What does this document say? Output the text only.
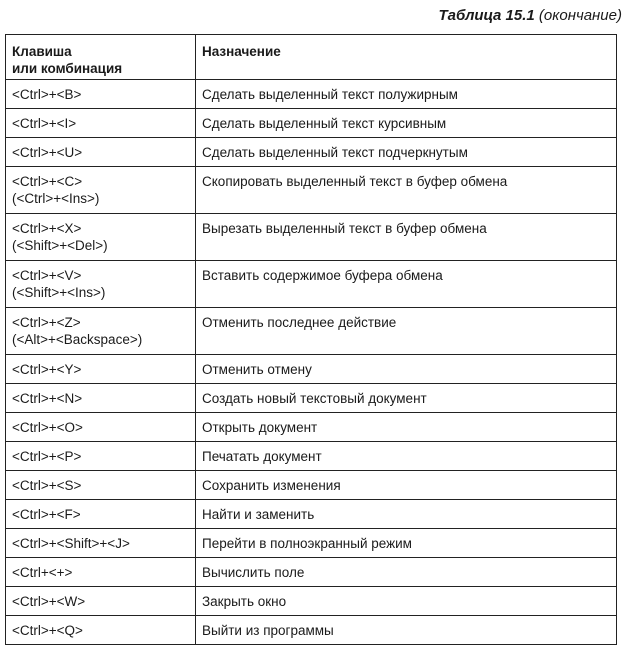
Таблица 15.1 (окончание)
Клавиша
или комбинация	Назначение

<Ctrl>+<B>	Сделать выделенный текст полужирным

<Ctrl>+<I>	Сделать выделенный текст курсивным

<Ctrl>+<U>	Сделать выделенный текст подчеркнутым

<Ctrl>+<C>
(<Ctrl>+<Ins>)	Скопировать выделенный текст в буфер обмена

<Ctrl>+<X>
(<Shift>+<Del>)	Вырезать выделенный текст в буфер обмена

<Ctrl>+<V>
(<Shift>+<Ins>)	Вставить содержимое буфера обмена

<Ctrl>+<Z>
(<Alt>+<Backspace>)	Отменить последнее действие

<Ctrl>+<Y>	Отменить отмену

<Ctrl>+<N>	Создать новый текстовый документ

<Ctrl>+<O>	Открыть документ

<Ctrl>+<P>	Печатать документ

<Ctrl>+<S>	Сохранить изменения

<Ctrl>+<F>	Найти и заменить

<Ctrl>+<Shift>+<J>	Перейти в полноэкранный режим

<Ctrl+<+>	Вычислить поле

<Ctrl>+<W>	Закрыть окно

<Ctrl>+<Q>	Выйти из программы
